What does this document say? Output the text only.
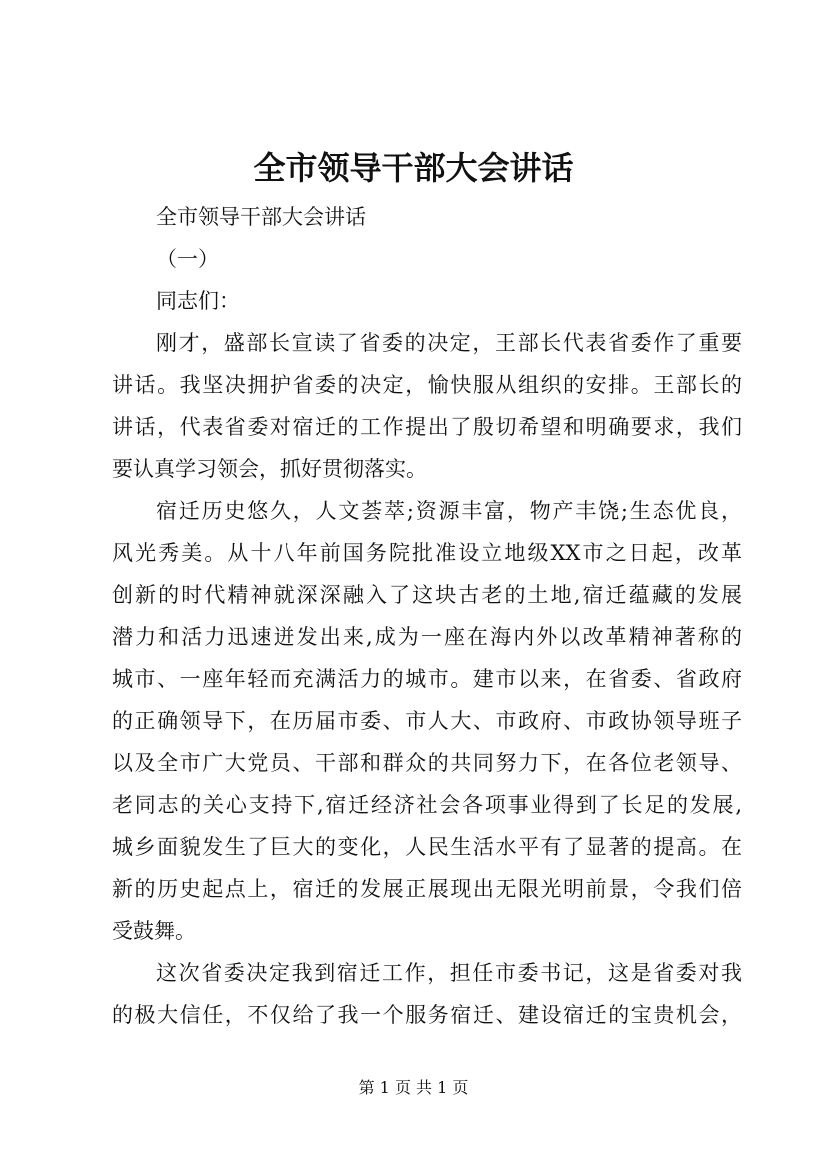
全市领导干部大会讲话
全市领导干部大会讲话
（一）
同志们：
刚才，盛部长宣读了省委的决定，王部长代表省委作了重要
讲话。我坚决拥护省委的决定，愉快服从组织的安排。王部长的
讲话，代表省委对宿迁的工作提出了殷切希望和明确要求，我们
要认真学习领会，抓好贯彻落实。
宿迁历史悠久，人文荟萃;资源丰富，物产丰饶;生态优良，
风光秀美。从十八年前国务院批准设立地级XX市之日起，改革
创新的时代精神就深深融入了这块古老的土地,宿迁蕴藏的发展
潜力和活力迅速迸发出来,成为一座在海内外以改革精神著称的
城市、一座年轻而充满活力的城市。建市以来，在省委、省政府
的正确领导下，在历届市委、市人大、市政府、市政协领导班子
以及全市广大党员、干部和群众的共同努力下，在各位老领导、
老同志的关心支持下,宿迁经济社会各项事业得到了长足的发展,
城乡面貌发生了巨大的变化，人民生活水平有了显著的提高。在
新的历史起点上，宿迁的发展正展现出无限光明前景，令我们倍
受鼓舞。
这次省委决定我到宿迁工作，担任市委书记，这是省委对我
的极大信任，不仅给了我一个服务宿迁、建设宿迁的宝贵机会，
第 1 页 共 1 页
